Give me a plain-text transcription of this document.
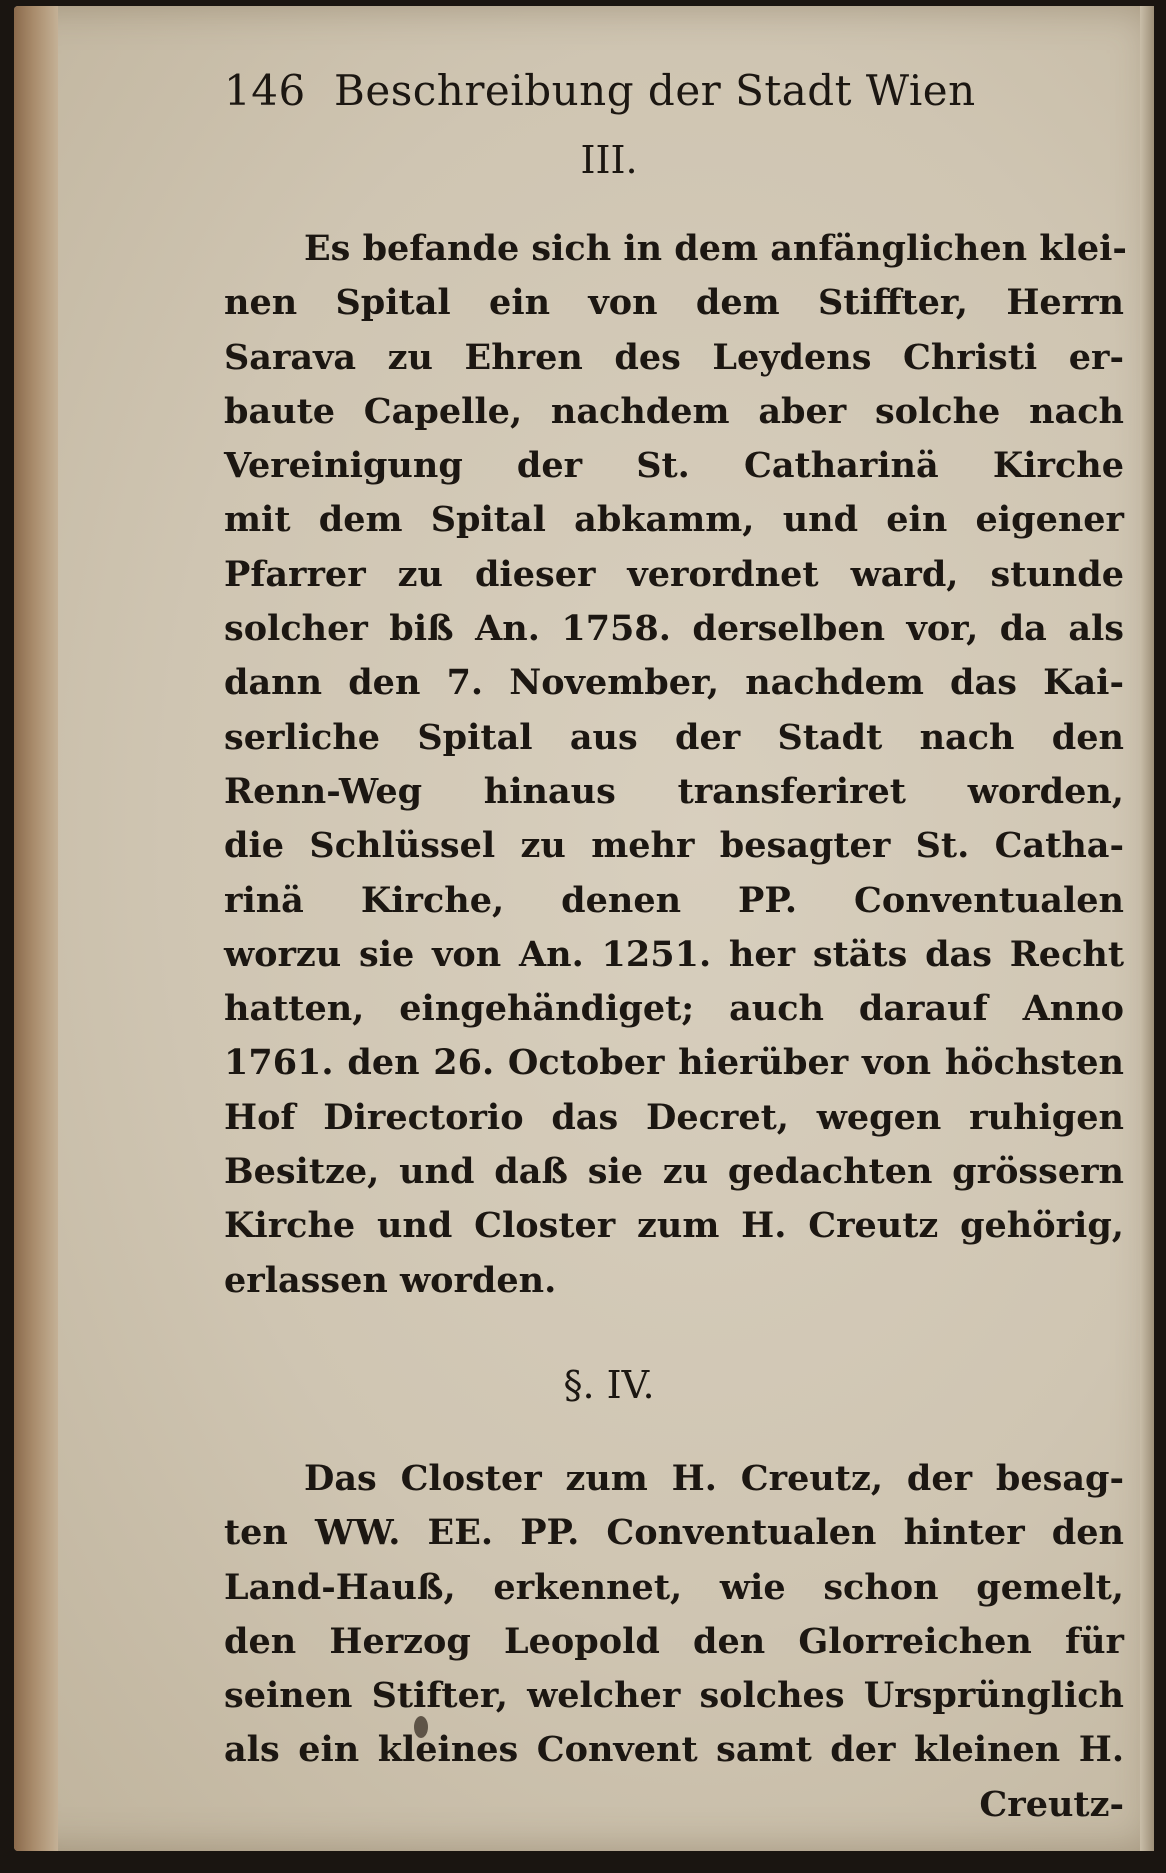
146 Beschreibung der Stadt Wien
III.
Es befande sich in dem anfänglichen klei-
nen Spital ein von dem Stiffter, Herrn
Sarava zu Ehren des Leydens Christi er-
baute Capelle, nachdem aber solche nach
Vereinigung der St. Catharinä Kirche
mit dem Spital abkamm, und ein eigener
Pfarrer zu dieser verordnet ward, stunde
solcher biß An. 1758. derselben vor, da als
dann den 7. November, nachdem das Kai-
serliche Spital aus der Stadt nach den
Renn-Weg hinaus transferiret worden,
die Schlüssel zu mehr besagter St. Catha-
rinä Kirche, denen PP. Conventualen
worzu sie von An. 1251. her stäts das Recht
hatten, eingehändiget; auch darauf Anno
1761. den 26. October hierüber von höchsten
Hof Directorio das Decret, wegen ruhigen
Besitze, und daß sie zu gedachten grössern
Kirche und Closter zum H. Creutz gehörig,
erlassen worden.
§. IV.
Das Closter zum H. Creutz, der besag-
ten WW. EE. PP. Conventualen hinter den
Land-Hauß, erkennet, wie schon gemelt,
den Herzog Leopold den Glorreichen für
seinen Stifter, welcher solches Ursprünglich
als ein kleines Convent samt der kleinen H.
Creutz-
